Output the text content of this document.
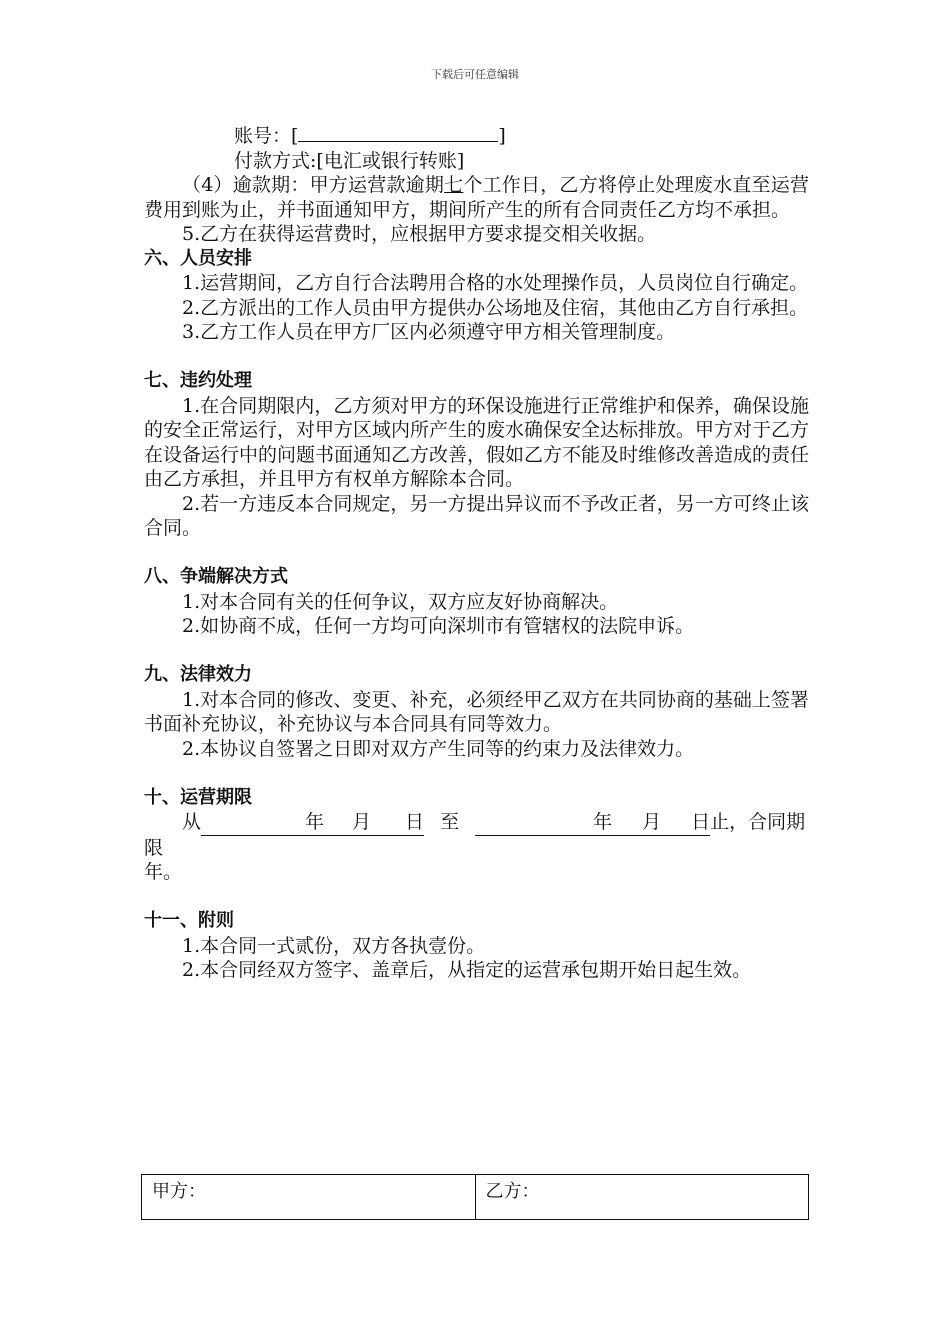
下载后可任意编辑

账号：[	]

付款方式:[电汇或银行转账]

（4）逾款期：甲方运营款逾期七个工作日，乙方将停止处理废水直至运营费用到账为止，并书面通知甲方，期间所产生的所有合同责任乙方均不承担。

5.乙方在获得运营费时，应根据甲方要求提交相关收据。

六、人员安排

1.运营期间，乙方自行合法聘用合格的水处理操作员，人员岗位自行确定。

2.乙方派出的工作人员由甲方提供办公场地及住宿，其他由乙方自行承担。

3.乙方工作人员在甲方厂区内必须遵守甲方相关管理制度。

七、违约处理

1.在合同期限内，乙方须对甲方的环保设施进行正常维护和保养，确保设施的安全正常运行，对甲方区域内所产生的废水确保安全达标排放。甲方对于乙方在设备运行中的问题书面通知乙方改善，假如乙方不能及时维修改善造成的责任由乙方承担，并且甲方有权单方解除本合同。

2.若一方违反本合同规定，另一方提出异议而不予改正者，另一方可终止该合同。

八、争端解决方式

1.对本合同有关的任何争议，双方应友好协商解决。

2.如协商不成，任何一方均可向深圳市有管辖权的法院申诉。

九、法律效力

1.对本合同的修改、变更、补充，必须经甲乙双方在共同协商的基础上签署书面补充协议，补充协议与本合同具有同等效力。

2.本协议自签署之日即对双方产生同等的约束力及法律效力。

十、运营期限

从	年 月 日 至	年 月 日止，合同期限

年。

十一、附则

1.本合同一式贰份，双方各执壹份。

2.本合同经双方签字、盖章后，从指定的运营承包期开始日起生效。

甲方：	乙方：
